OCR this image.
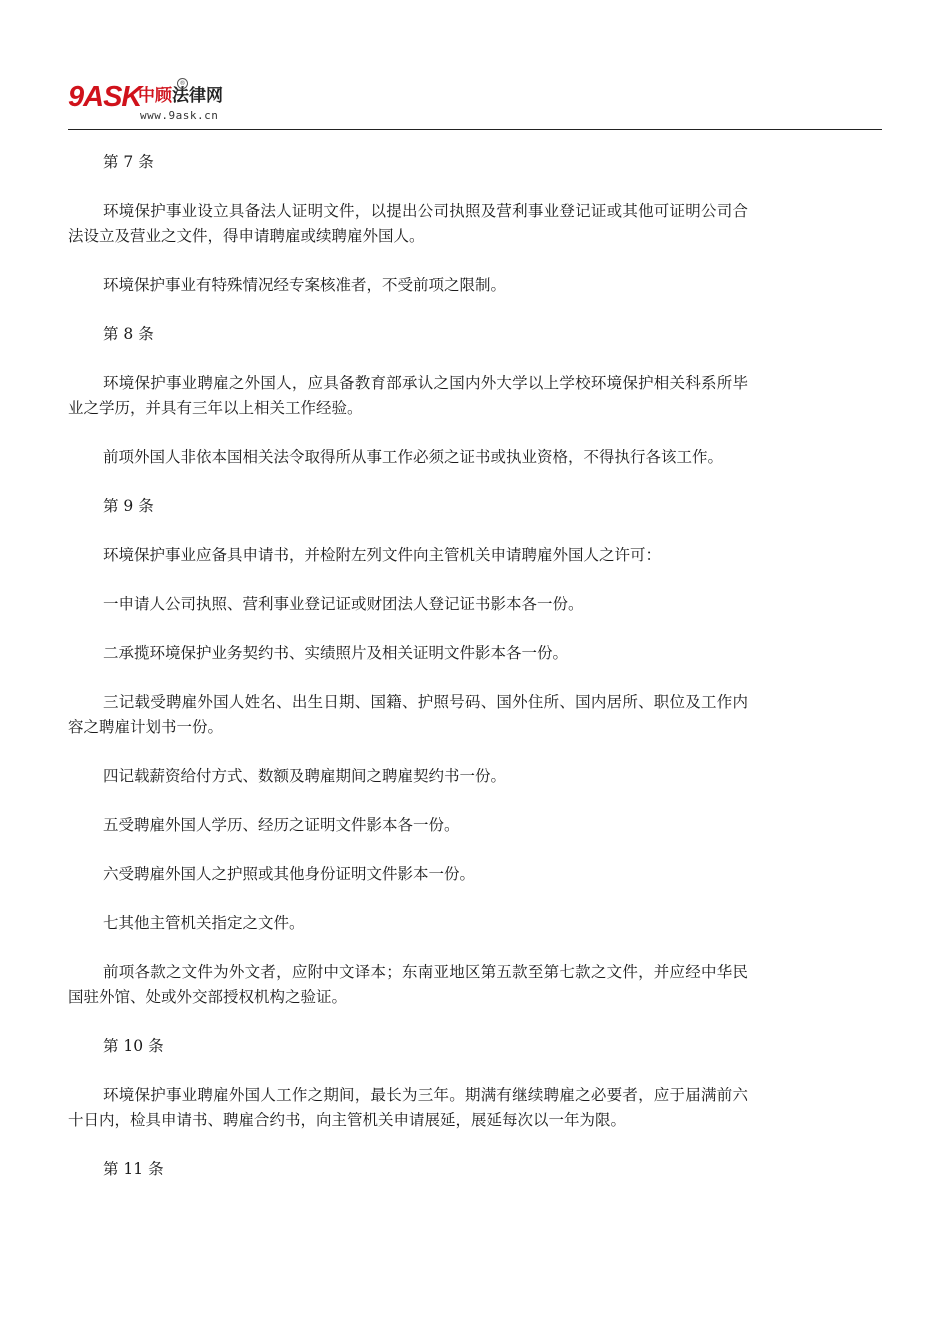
9ASK
中顾法律网
®
www.9ask.cn

第 7 条

环境保护事业设立具备法人证明文件，以提出公司执照及营利事业登记证或其他可证明公司合法设立及营业之文件，得申请聘雇或续聘雇外国人。

环境保护事业有特殊情况经专案核准者，不受前项之限制。

第 8 条

环境保护事业聘雇之外国人，应具备教育部承认之国内外大学以上学校环境保护相关科系所毕业之学历，并具有三年以上相关工作经验。

前项外国人非依本国相关法令取得所从事工作必须之证书或执业资格，不得执行各该工作。

第 9 条

环境保护事业应备具申请书，并检附左列文件向主管机关申请聘雇外国人之许可：

一申请人公司执照、营利事业登记证或财团法人登记证书影本各一份。

二承揽环境保护业务契约书、实绩照片及相关证明文件影本各一份。

三记载受聘雇外国人姓名、出生日期、国籍、护照号码、国外住所、国内居所、职位及工作内容之聘雇计划书一份。

四记载薪资给付方式、数额及聘雇期间之聘雇契约书一份。

五受聘雇外国人学历、经历之证明文件影本各一份。

六受聘雇外国人之护照或其他身份证明文件影本一份。

七其他主管机关指定之文件。

前项各款之文件为外文者，应附中文译本；东南亚地区第五款至第七款之文件，并应经中华民国驻外馆、处或外交部授权机构之验证。

第 10 条

环境保护事业聘雇外国人工作之期间，最长为三年。期满有继续聘雇之必要者，应于届满前六十日内，检具申请书、聘雇合约书，向主管机关申请展延，展延每次以一年为限。

第 11 条
